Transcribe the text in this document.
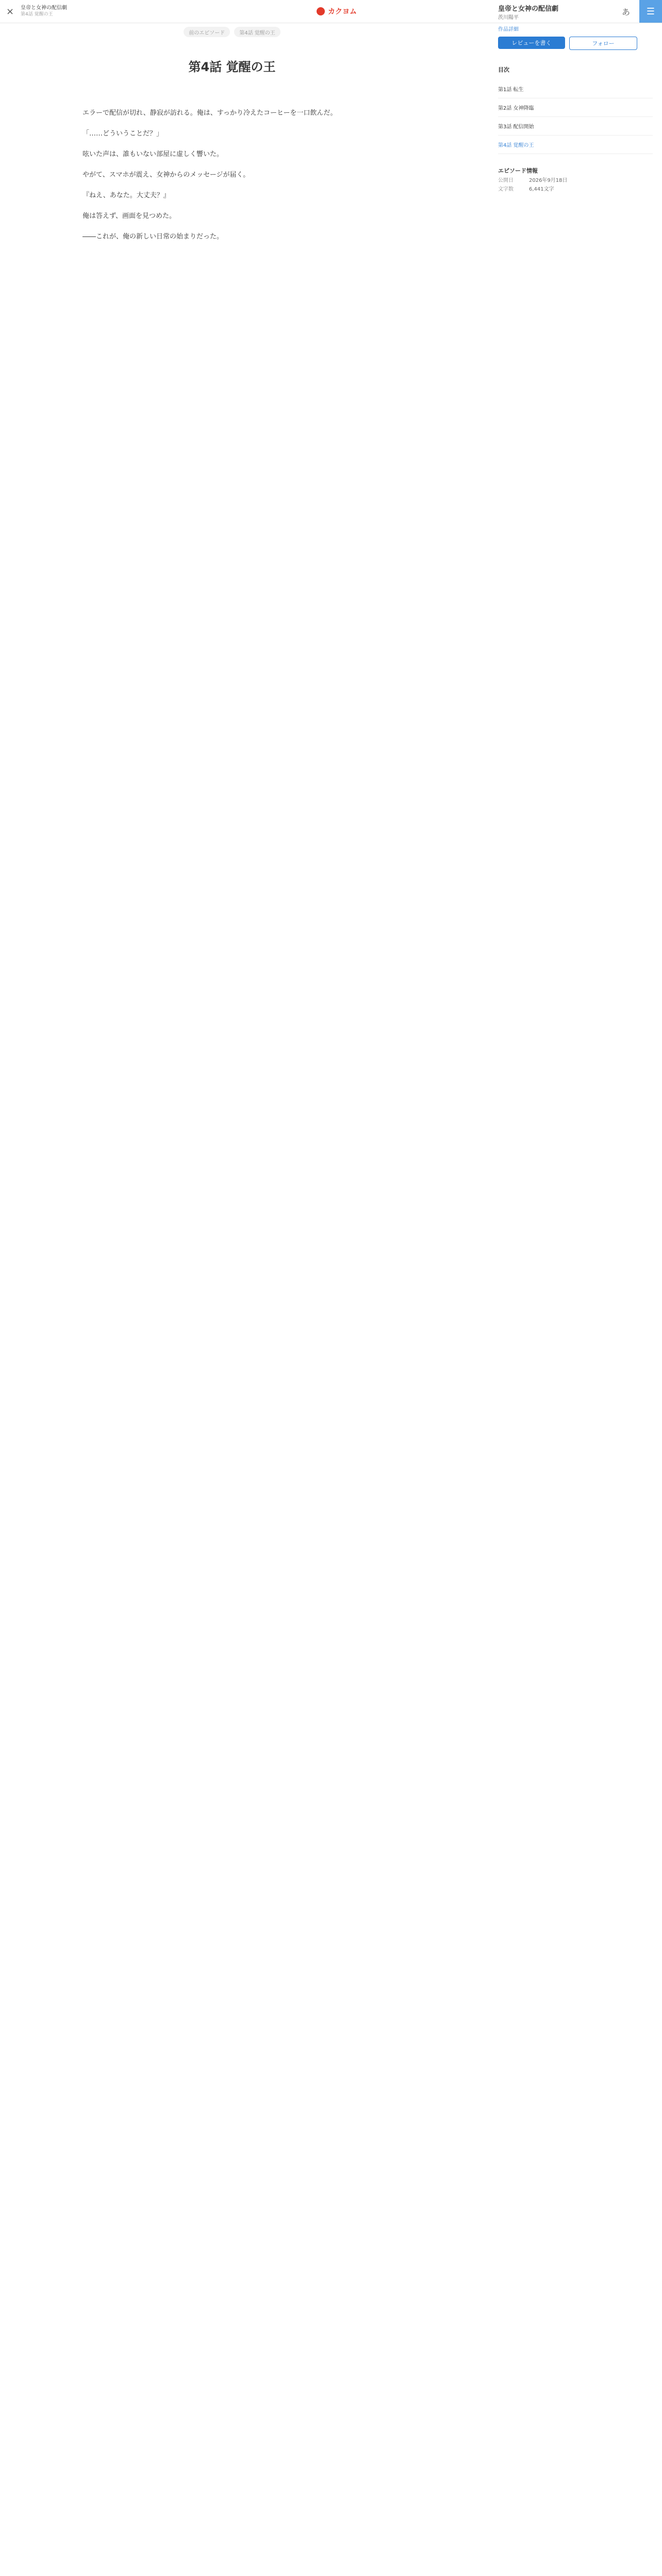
× 皇帝と女神の配信劇
第4話 覚醒の王	カクヨム	あ ☰
前のエピソード	第4話 覚醒の王
第4話 覚醒の王

エラーで配信が切れ、静寂が訪れる。俺は、すっかり冷えたコーヒーを一口飲んだ。

「……どういうことだ？」

呟いた声は、誰もいない部屋に虚しく響いた。

やがて、スマホが震え、女神からのメッセージが届く。

『ねえ、あなた。大丈夫？』

俺は答えず、画面を見つめた。

――これが、俺の新しい日常の始まりだった。

皇帝と女神の配信劇
茨川陽平
作品詳細
レビューを書く	フォロー
目次
第1話 転生
第2話 女神降臨
第3話 配信開始
第4話 覚醒の王
エピソード情報
公開日	2026年9月18日
文字数	6,441文字
